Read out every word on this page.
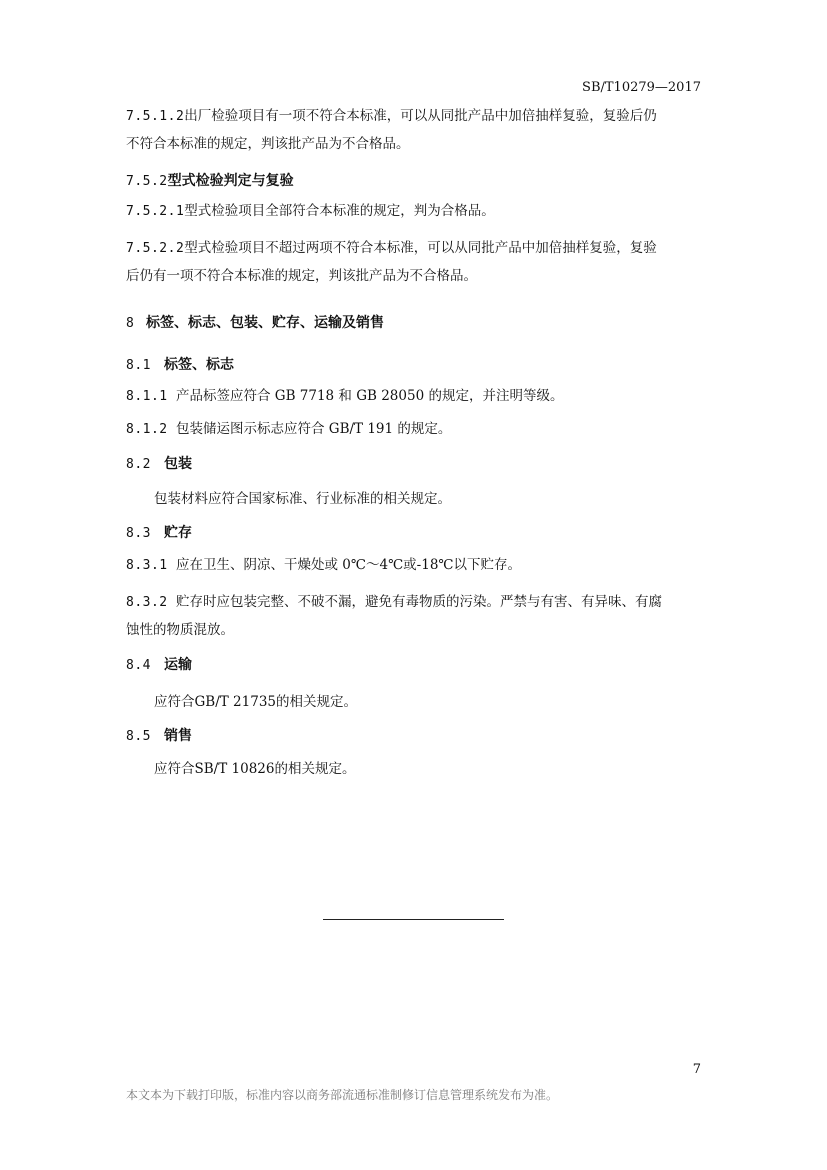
SB/T10279—2017
7.5.1.2出厂检验项目有一项不符合本标准，可以从同批产品中加倍抽样复验，复验后仍
不符合本标准的规定，判该批产品为不合格品。
7.5.2型式检验判定与复验
7.5.2.1型式检验项目全部符合本标准的规定，判为合格品。
7.5.2.2型式检验项目不超过两项不符合本标准，可以从同批产品中加倍抽样复验，复验
后仍有一项不符合本标准的规定，判该批产品为不合格品。
8 标签、标志、包装、贮存、运输及销售
8.1 标签、标志
8.1.1 产品标签应符合 GB 7718 和 GB 28050 的规定，并注明等级。
8.1.2 包装储运图示标志应符合 GB/T 191 的规定。
8.2 包装
包装材料应符合国家标准、行业标准的相关规定。
8.3 贮存
8.3.1 应在卫生、阴凉、干燥处或 0℃～4℃或-18℃以下贮存。
8.3.2 贮存时应包装完整、不破不漏，避免有毒物质的污染。严禁与有害、有异味、有腐
蚀性的物质混放。
8.4 运输
应符合GB/T 21735的相关规定。
8.5 销售
应符合SB/T 10826的相关规定。
7
本文本为下载打印版，标准内容以商务部流通标准制修订信息管理系统发布为准。
